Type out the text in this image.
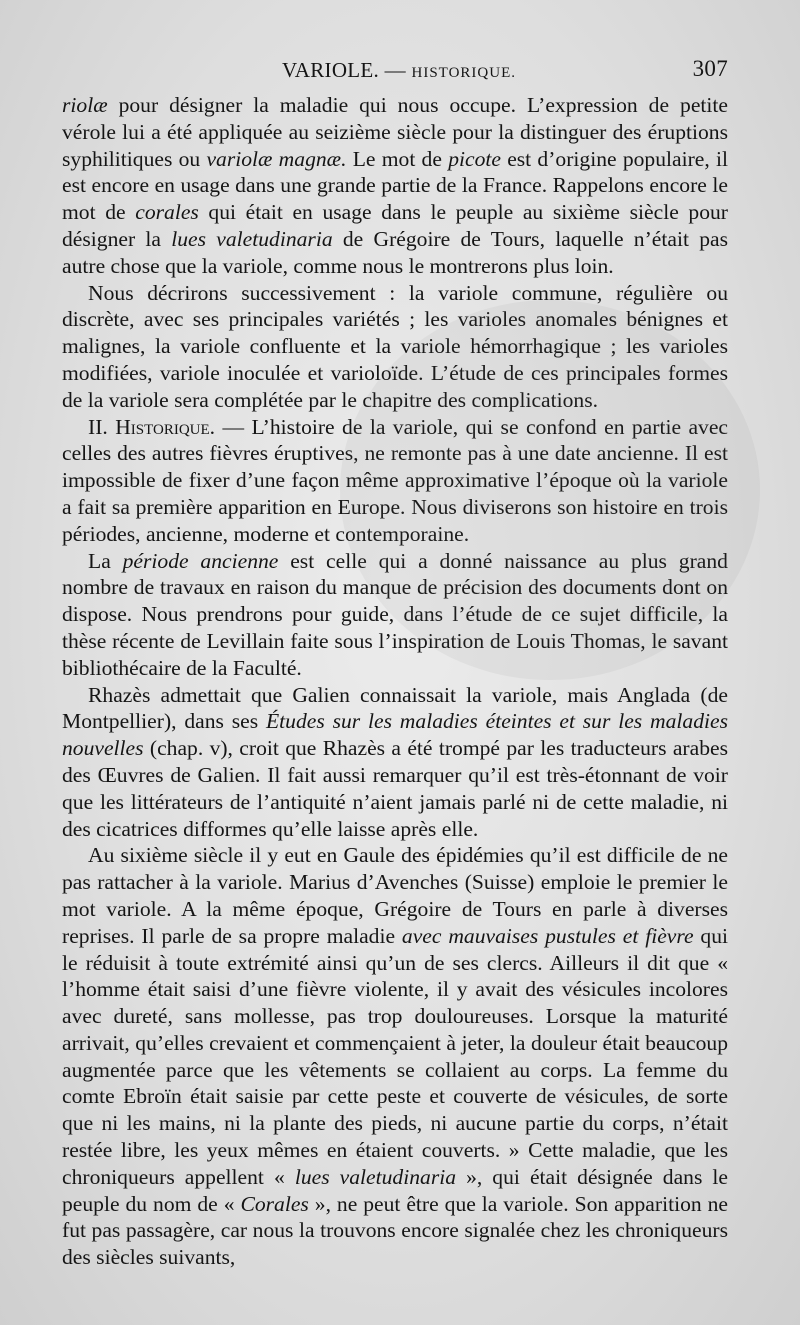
VARIOLE. — HISTORIQUE.	307

riolæ pour désigner la maladie qui nous occupe. L’expression de petite vérole lui a été appliquée au seizième siècle pour la distinguer des éruptions syphilitiques ou variolæ magnæ. Le mot de picote est d’origine populaire, il est encore en usage dans une grande partie de la France. Rappelons encore le mot de corales qui était en usage dans le peuple au sixième siècle pour désigner la lues valetudinaria de Grégoire de Tours, laquelle n’était pas autre chose que la variole, comme nous le montrerons plus loin.

Nous décrirons successivement : la variole commune, régulière ou discrète, avec ses principales variétés ; les varioles anomales bénignes et malignes, la variole confluente et la variole hémorrhagique ; les varioles modifiées, variole inoculée et varioloïde. L’étude de ces principales formes de la variole sera complétée par le chapitre des complications.

II. Historique. — L’histoire de la variole, qui se confond en partie avec celles des autres fièvres éruptives, ne remonte pas à une date ancienne. Il est impossible de fixer d’une façon même approximative l’époque où la variole a fait sa première apparition en Europe. Nous diviserons son histoire en trois périodes, ancienne, moderne et contemporaine.

La période ancienne est celle qui a donné naissance au plus grand nombre de travaux en raison du manque de précision des documents dont on dispose. Nous prendrons pour guide, dans l’étude de ce sujet difficile, la thèse récente de Levillain faite sous l’inspiration de Louis Thomas, le savant bibliothécaire de la Faculté.

Rhazès admettait que Galien connaissait la variole, mais Anglada (de Montpellier), dans ses Études sur les maladies éteintes et sur les maladies nouvelles (chap. v), croit que Rhazès a été trompé par les traducteurs arabes des Œuvres de Galien. Il fait aussi remarquer qu’il est très-étonnant de voir que les littérateurs de l’antiquité n’aient jamais parlé ni de cette maladie, ni des cicatrices difformes qu’elle laisse après elle.

Au sixième siècle il y eut en Gaule des épidémies qu’il est difficile de ne pas rattacher à la variole. Marius d’Avenches (Suisse) emploie le premier le mot variole. A la même époque, Grégoire de Tours en parle à diverses reprises. Il parle de sa propre maladie avec mauvaises pustules et fièvre qui le réduisit à toute extrémité ainsi qu’un de ses clercs. Ailleurs il dit que « l’homme était saisi d’une fièvre violente, il y avait des vésicules incolores avec dureté, sans mollesse, pas trop douloureuses. Lorsque la maturité arrivait, qu’elles crevaient et commençaient à jeter, la douleur était beaucoup augmentée parce que les vêtements se collaient au corps. La femme du comte Ebroïn était saisie par cette peste et couverte de vésicules, de sorte que ni les mains, ni la plante des pieds, ni aucune partie du corps, n’était restée libre, les yeux mêmes en étaient couverts. » Cette maladie, que les chroniqueurs appellent « lues valetudinaria », qui était désignée dans le peuple du nom de « Corales », ne peut être que la variole. Son apparition ne fut pas passagère, car nous la trouvons encore signalée chez les chroniqueurs des siècles suivants,
